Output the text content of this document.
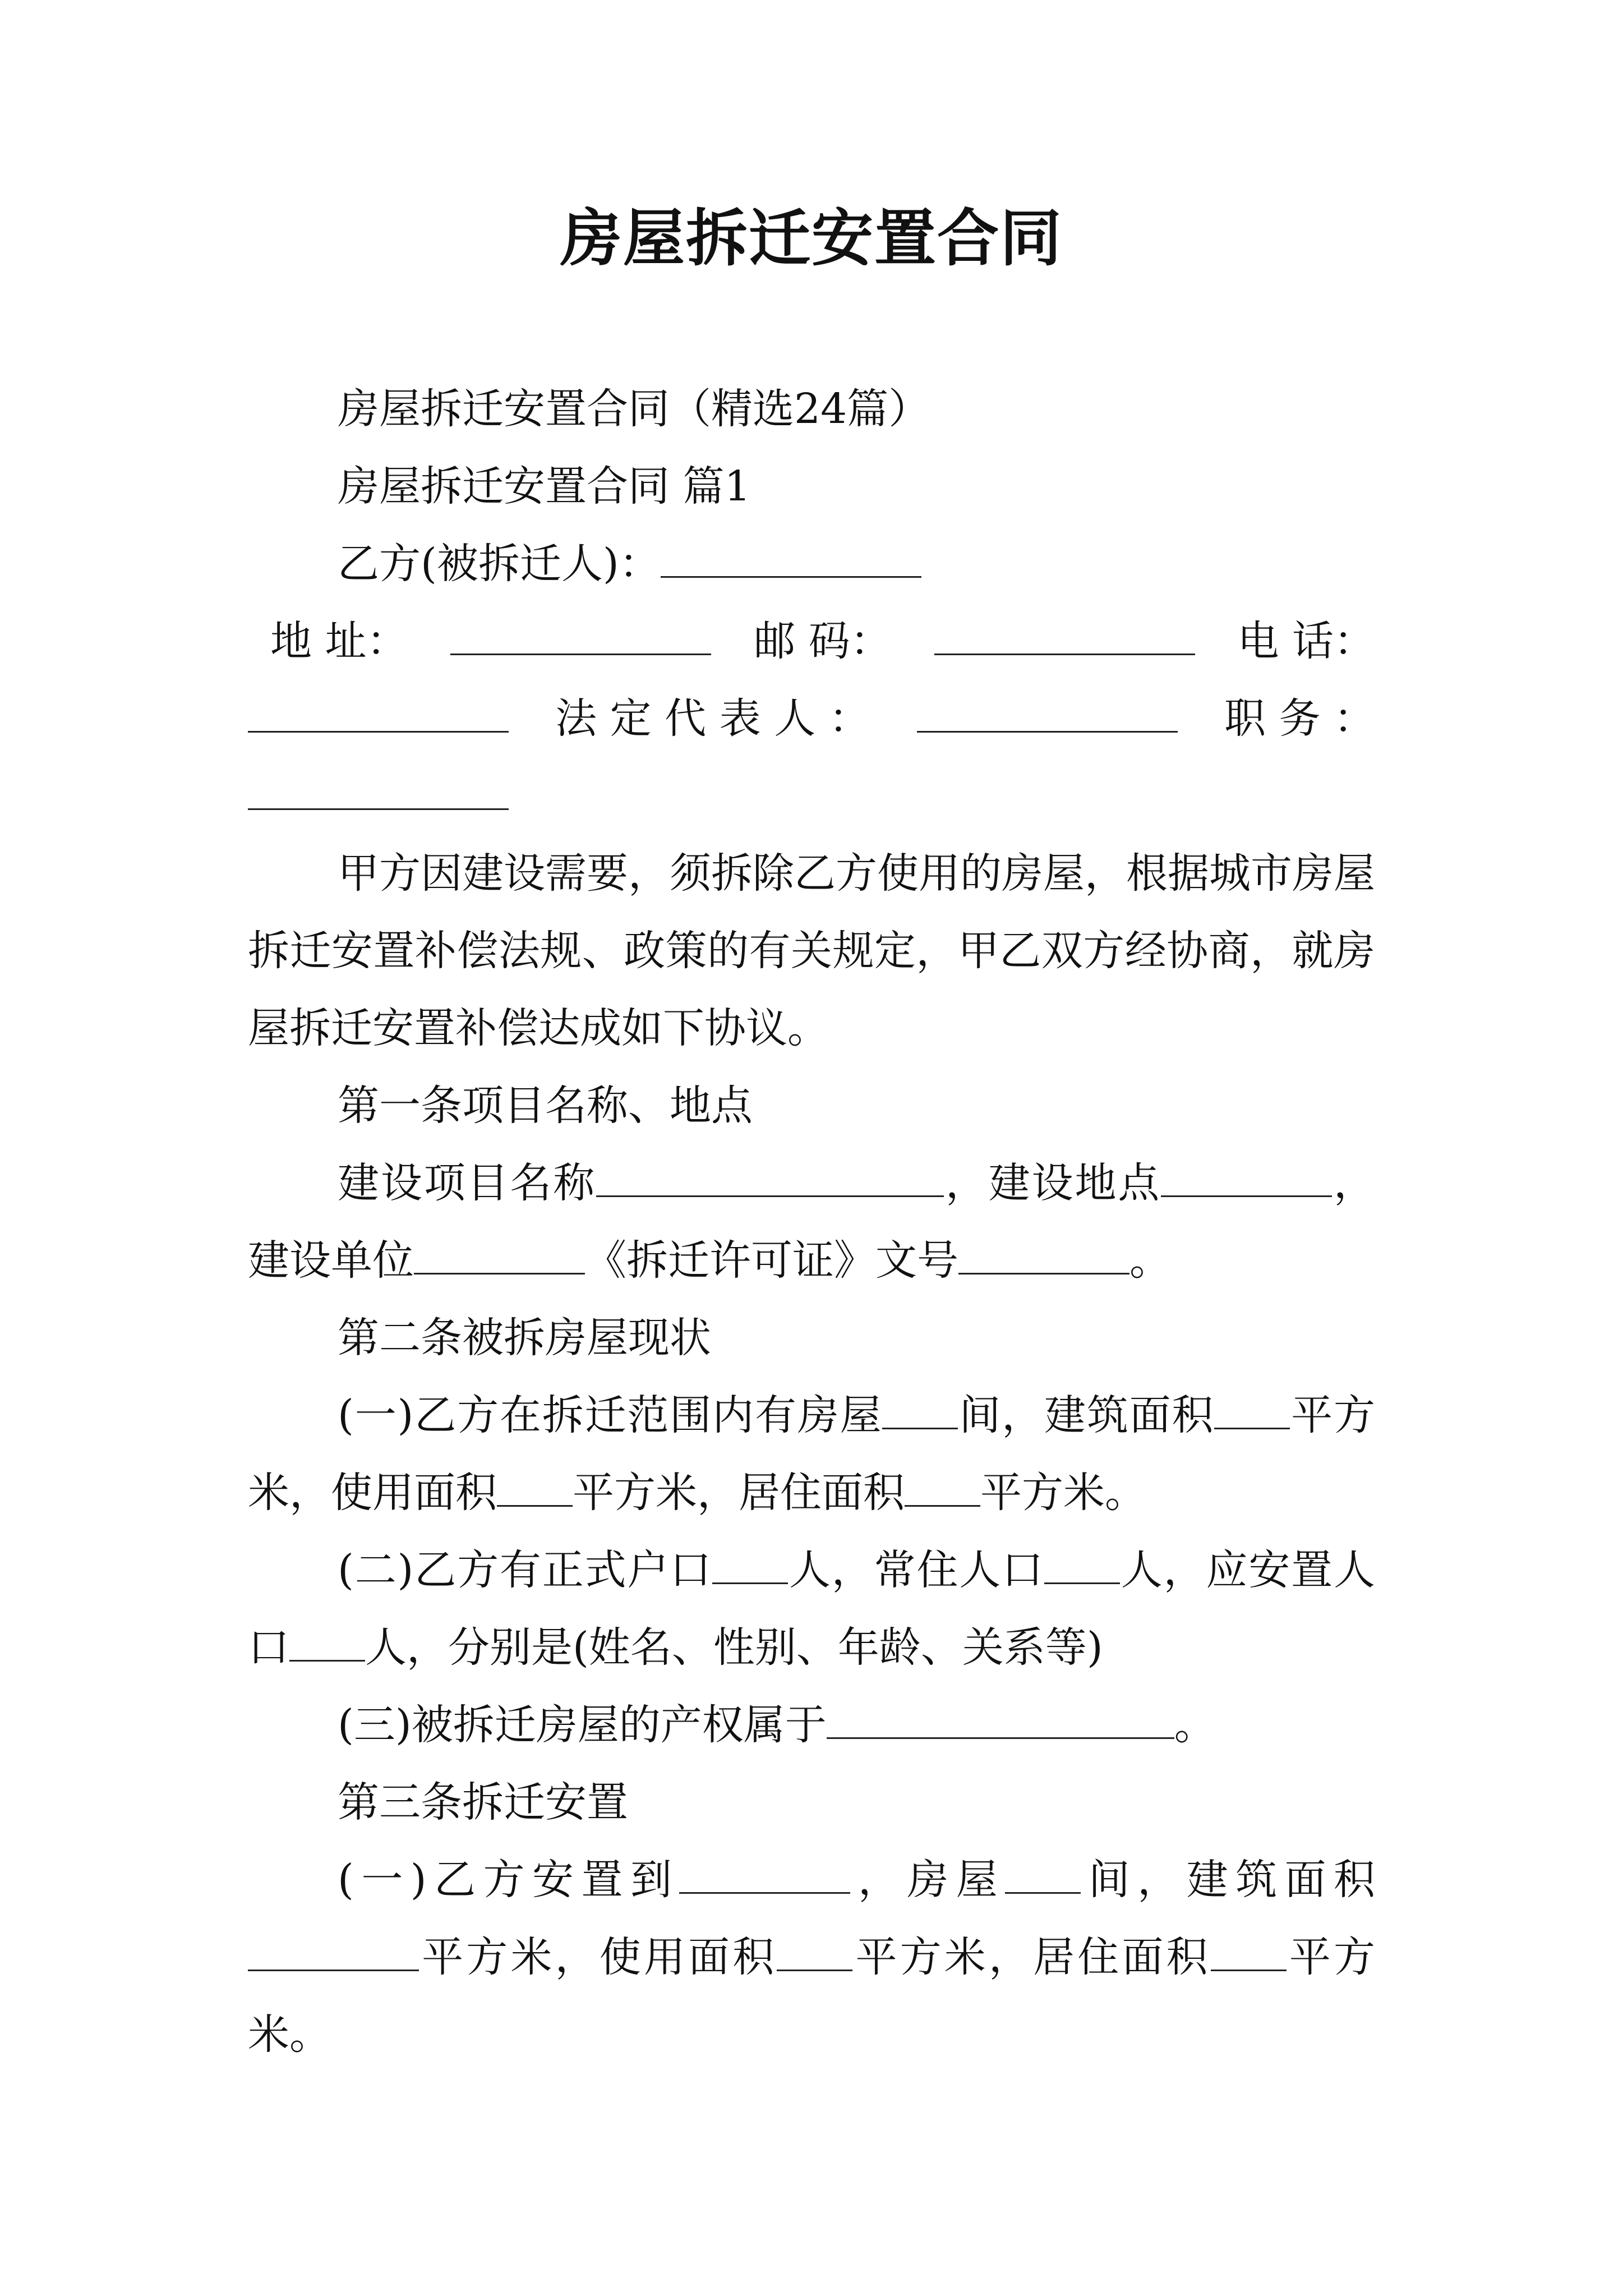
房屋拆迁安置合同

房屋拆迁安置合同（精选24篇）

房屋拆迁安置合同 篇1

乙方(被拆迁人)：

地 址：	邮 码：	电 话：
法 定 代 表 人 ：	职 务 ：

甲方因建设需要，须拆除乙方使用的房屋，根据城市房屋拆迁安置补偿法规、政策的有关规定，甲乙双方经协商，就房屋拆迁安置补偿达成如下协议。

第一条项目名称、地点

建设项目名称	，建设地点	，建设单位	《拆迁许可证》文号	。

第二条被拆房屋现状

(一)乙方在拆迁范围内有房屋 间，建筑面积 平方米，使用面积 平方米，居住面积 平方米。

(二)乙方有正式户口 人，常住人口 人，应安置人口 人，分别是(姓名、性别、年龄、关系等)

(三)被拆迁房屋的产权属于	。

第三条拆迁安置

(一)乙方安置到	，房屋 间，建筑面积平方米，使用面积 平方米，居住面积 平方米。
